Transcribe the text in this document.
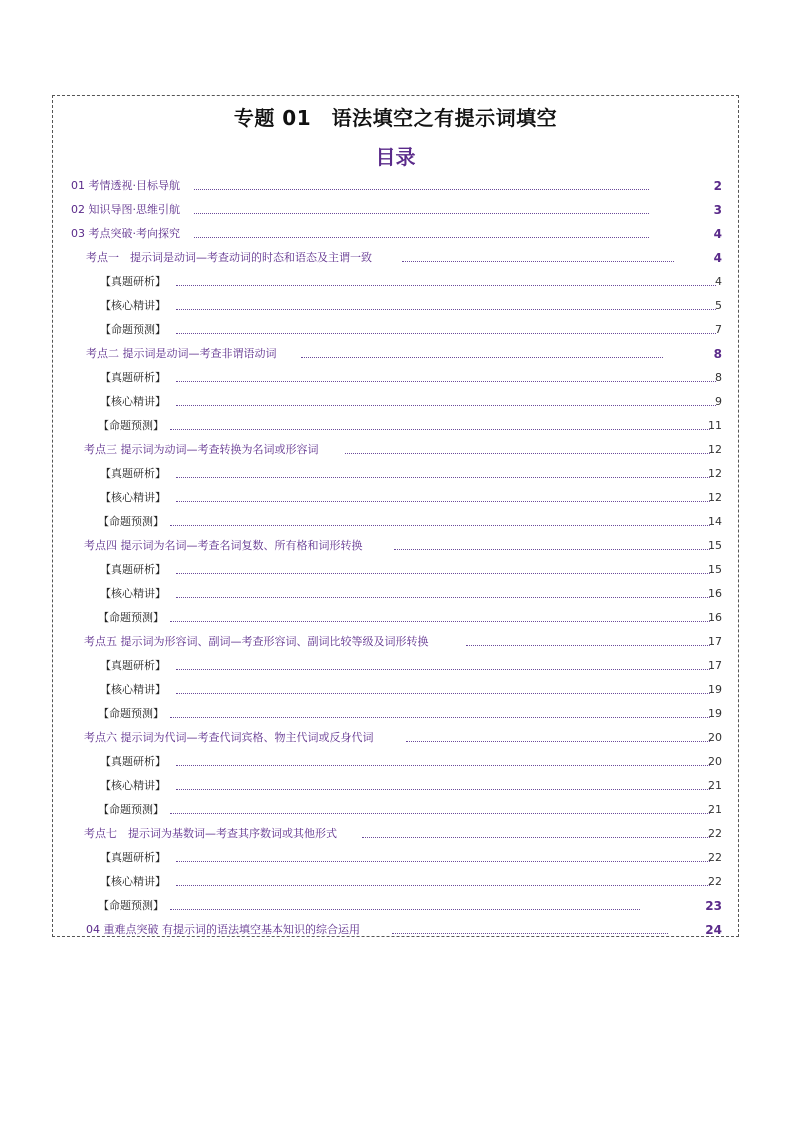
专题 01　语法填空之有提示词填空
目录
01 考情透视·目标导航	2
02 知识导图·思维引航	3
03 考点突破·考向探究	4
考点一　提示词是动词—考查动词的时态和语态及主谓一致	4
【真题研析】	4
【核心精讲】	5
【命题预测】	7
考点二 提示词是动词—考查非谓语动词	8
【真题研析】	8
【核心精讲】	9
【命题预测】	11
考点三 提示词为动词—考查转换为名词或形容词	12
【真题研析】	12
【核心精讲】	12
【命题预测】	14
考点四 提示词为名词—考查名词复数、所有格和词形转换	15
【真题研析】	15
【核心精讲】	16
【命题预测】	16
考点五 提示词为形容词、副词—考查形容词、副词比较等级及词形转换	17
【真题研析】	17
【核心精讲】	19
【命题预测】	19
考点六 提示词为代词—考查代词宾格、物主代词或反身代词	20
【真题研析】	20
【核心精讲】	21
【命题预测】	21
考点七　提示词为基数词—考查其序数词或其他形式	22
【真题研析】	22
【核心精讲】	22
【命题预测】	23
04 重难点突破 有提示词的语法填空基本知识的综合运用	24
